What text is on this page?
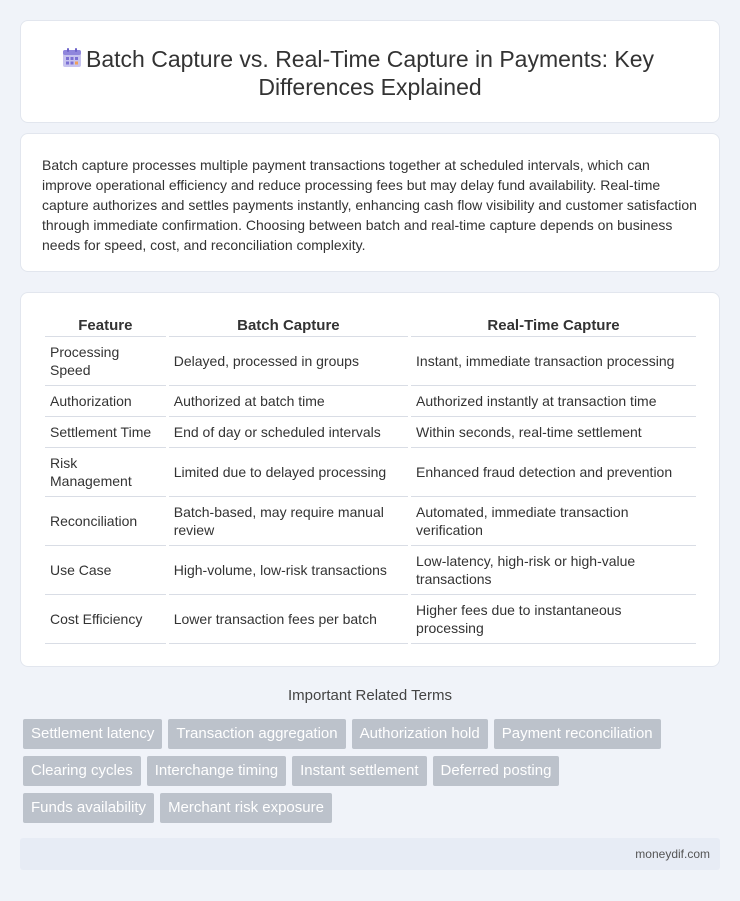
Batch Capture vs. Real-Time Capture in Payments: Key Differences Explained

Batch capture processes multiple payment transactions together at scheduled intervals, which can improve operational efficiency and reduce processing fees but may delay fund availability. Real-time capture authorizes and settles payments instantly, enhancing cash flow visibility and customer satisfaction through immediate confirmation. Choosing between batch and real-time capture depends on business needs for speed, cost, and reconciliation complexity.

Feature	Batch Capture	Real-Time Capture
Processing Speed	Delayed, processed in groups	Instant, immediate transaction processing
Authorization	Authorized at batch time	Authorized instantly at transaction time
Settlement Time	End of day or scheduled intervals	Within seconds, real-time settlement
Risk Management	Limited due to delayed processing	Enhanced fraud detection and prevention
Reconciliation	Batch-based, may require manual review	Automated, immediate transaction verification
Use Case	High-volume, low-risk transactions	Low-latency, high-risk or high-value transactions
Cost Efficiency	Lower transaction fees per batch	Higher fees due to instantaneous processing
Important Related Terms
Settlement latency	Transaction aggregation	Authorization hold	Payment reconciliation
Clearing cycles	Interchange timing	Instant settlement	Deferred posting
Funds availability	Merchant risk exposure
moneydif.com
